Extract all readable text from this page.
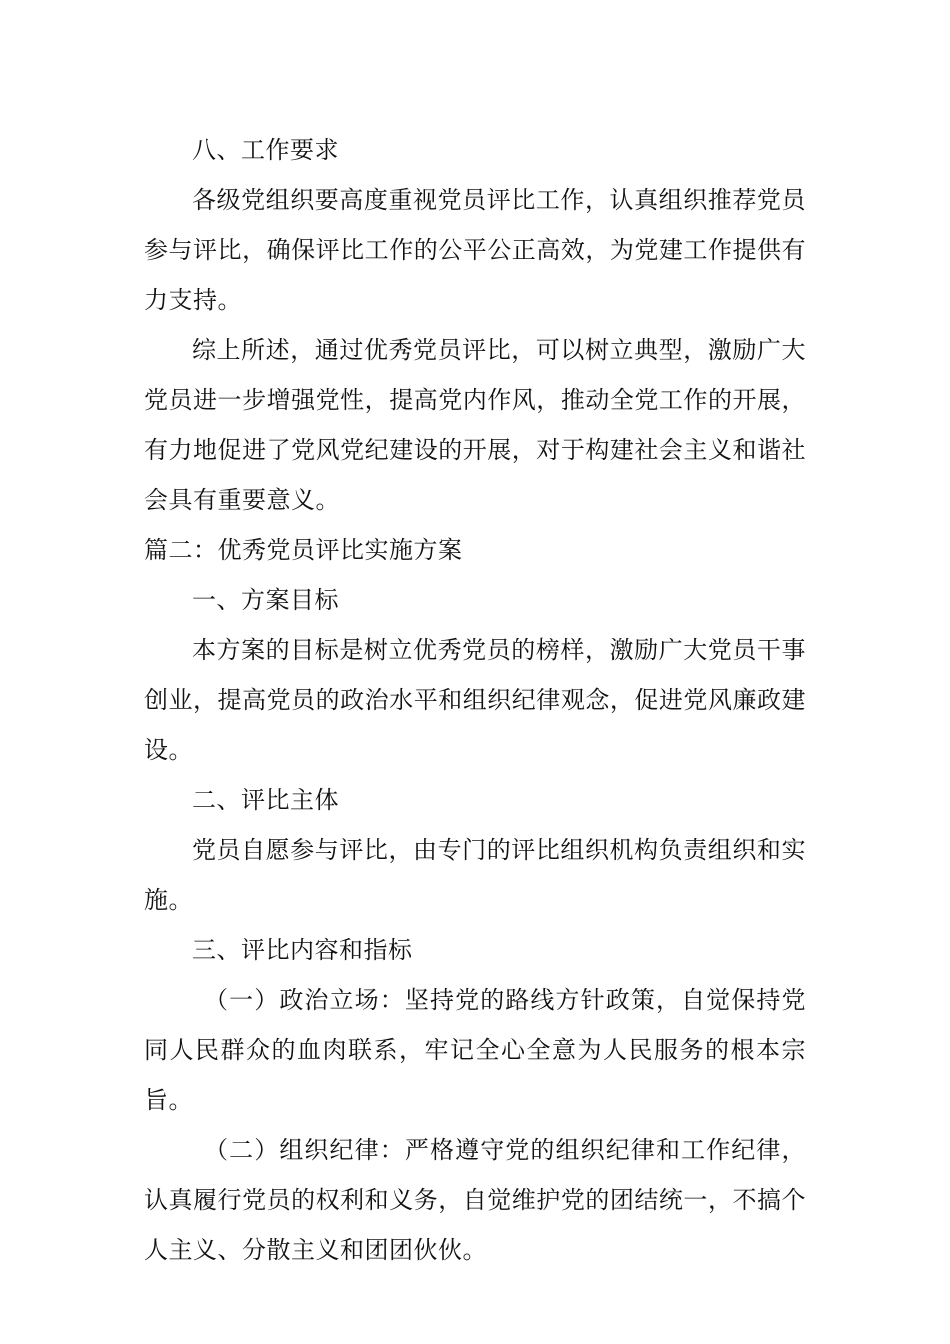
八、工作要求

各级党组织要高度重视党员评比工作，认真组织推荐党员参与评比，确保评比工作的公平公正高效，为党建工作提供有力支持。

综上所述，通过优秀党员评比，可以树立典型，激励广大党员进一步增强党性，提高党内作风，推动全党工作的开展，有力地促进了党风党纪建设的开展，对于构建社会主义和谐社会具有重要意义。

篇二：优秀党员评比实施方案

一、方案目标

本方案的目标是树立优秀党员的榜样，激励广大党员干事创业，提高党员的政治水平和组织纪律观念，促进党风廉政建设。

二、评比主体

党员自愿参与评比，由专门的评比组织机构负责组织和实施。

三、评比内容和指标

（一）政治立场：坚持党的路线方针政策，自觉保持党同人民群众的血肉联系，牢记全心全意为人民服务的根本宗旨。

（二）组织纪律：严格遵守党的组织纪律和工作纪律，认真履行党员的权利和义务，自觉维护党的团结统一，不搞个人主义、分散主义和团团伙伙。
